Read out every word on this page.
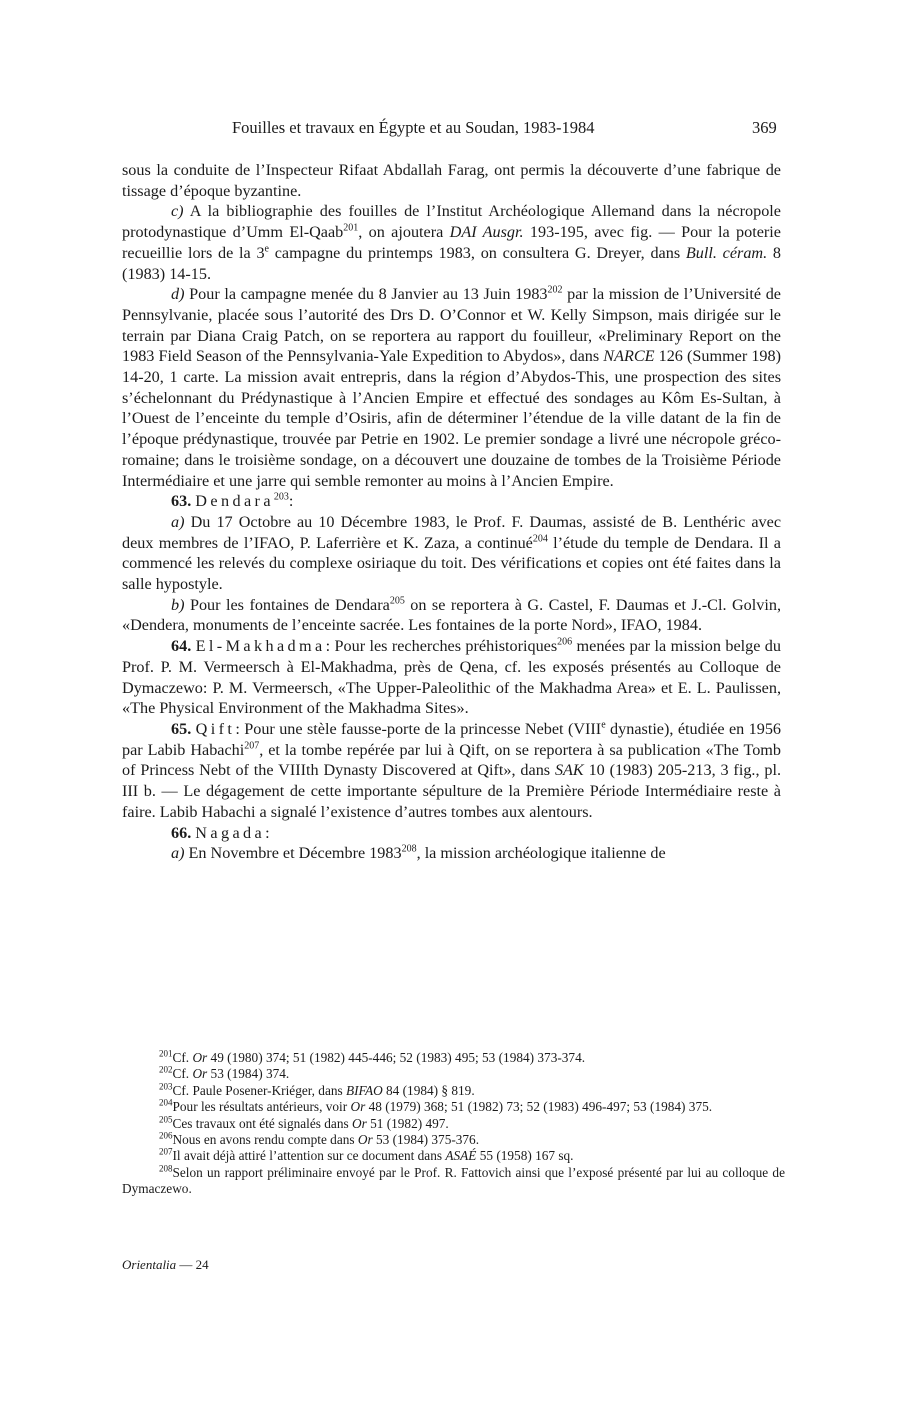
Fouilles et travaux en Égypte et au Soudan, 1983-1984	369

sous la conduite de l’Inspecteur Rifaat Abdallah Farag, ont permis la découverte d’une fabrique de tissage d’époque byzantine.

c) A la bibliographie des fouilles de l’Institut Archéologique Allemand dans la nécropole protodynastique d’Umm El-Qaab$^{201}$, on ajoutera DAI Ausgr. 193-195, avec fig. — Pour la poterie recueillie lors de la 3e campagne du printemps 1983, on consultera G. Dreyer, dans Bull. céram. 8 (1983) 14-15.

d) Pour la campagne menée du 8 Janvier au 13 Juin 1983$^{202}$ par la mission de l’Université de Pennsylvanie, placée sous l’autorité des Drs D. O’Connor et W. Kelly Simpson, mais dirigée sur le terrain par Diana Craig Patch, on se reportera au rapport du fouilleur, «Preliminary Report on the 1983 Field Season of the Pennsylvania-Yale Expedition to Abydos», dans NARCE 126 (Summer 198) 14-20, 1 carte. La mission avait entrepris, dans la région d’Abydos-This, une prospection des sites s’échelonnant du Prédynastique à l’Ancien Empire et effectué des sondages au Kôm Es-Sultan, à l’Ouest de l’enceinte du temple d’Osiris, afin de déterminer l’étendue de la ville datant de la fin de l’époque prédynastique, trouvée par Petrie en 1902. Le premier sondage a livré une nécropole gréco-romaine; dans le troisième sondage, on a découvert une douzaine de tombes de la Troisième Période Intermédiaire et une jarre qui semble remonter au moins à l’Ancien Empire.

63. Dendara$^{203}$:

a) Du 17 Octobre au 10 Décembre 1983, le Prof. F. Daumas, assisté de B. Lenthéric avec deux membres de l’IFAO, P. Laferrière et K. Zaza, a continué$^{204}$ l’étude du temple de Dendara. Il a commencé les relevés du complexe osiriaque du toit. Des vérifications et copies ont été faites dans la salle hypostyle.

b) Pour les fontaines de Dendara$^{205}$ on se reportera à G. Castel, F. Daumas et J.-Cl. Golvin, «Dendera, monuments de l’enceinte sacrée. Les fontaines de la porte Nord», IFAO, 1984.

64. El-Makhadma: Pour les recherches préhistoriques$^{206}$ menées par la mission belge du Prof. P. M. Vermeersch à El-Makhadma, près de Qena, cf. les exposés présentés au Colloque de Dymaczewo: P. M. Vermeersch, «The Upper-Paleolithic of the Makhadma Area» et E. L. Paulissen, «The Physical Environment of the Makhadma Sites».

65. Qift: Pour une stèle fausse-porte de la princesse Nebet (VIIIe dynastie), étudiée en 1956 par Labib Habachi$^{207}$, et la tombe repérée par lui à Qift, on se reportera à sa publication «The Tomb of Princess Nebt of the VIIIth Dynasty Discovered at Qift», dans SAK 10 (1983) 205-213, 3 fig., pl. III b. — Le dégagement de cette importante sépulture de la Première Période Intermédiaire reste à faire. Labib Habachi a signalé l’existence d’autres tombes aux alentours.

66. Nagada:

a) En Novembre et Décembre 1983$^{208}$, la mission archéologique italienne de

$^{201}$Cf. Or 49 (1980) 374; 51 (1982) 445-446; 52 (1983) 495; 53 (1984) 373-374.

$^{202}$Cf. Or 53 (1984) 374.

$^{203}$Cf. Paule Posener-Kriéger, dans BIFAO 84 (1984) § 819.

$^{204}$Pour les résultats antérieurs, voir Or 48 (1979) 368; 51 (1982) 73; 52 (1983) 496-497; 53 (1984) 375.

$^{205}$Ces travaux ont été signalés dans Or 51 (1982) 497.

$^{206}$Nous en avons rendu compte dans Or 53 (1984) 375-376.

$^{207}$Il avait déjà attiré l’attention sur ce document dans ASAÉ 55 (1958) 167 sq.

$^{208}$Selon un rapport préliminaire envoyé par le Prof. R. Fattovich ainsi que l’exposé présenté par lui au colloque de Dymaczewo.

Orientalia — 24
